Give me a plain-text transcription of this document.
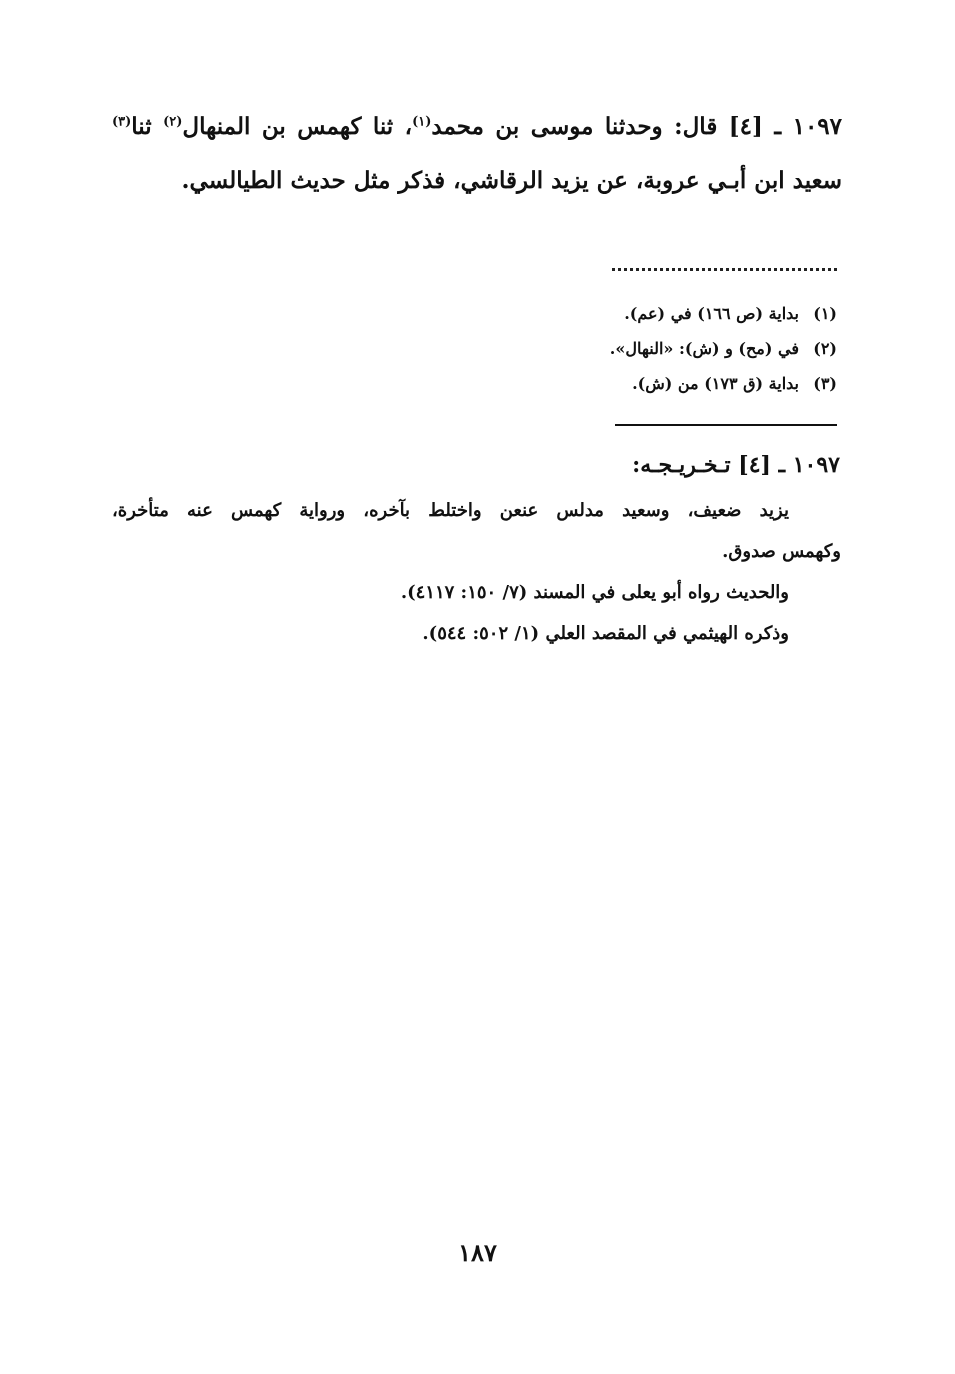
١٠٩٧ ـ [٤] قال: وحدثنا موسى بن محمد$^{(١)}$، ثنا كهمس بن المنهال$^{(٢)}$ ثنا$^{(٣)}$ سعيد ابن أبـي عروبة، عن يزيد الرقاشي، فذكر مثل حديث الطيالسي.

(١)
بداية (ص ١٦٦) في (عم).
(٢)
في (مح) و (ش): «النهال».
(٣)
بداية (ق ١٧٣) من (ش).
١٠٩٧ ـ [٤] تـخـريـجـه:

يزيد ضعيف، وسعيد مدلس عنعن واختلط بآخره، ورواية كهمس عنه متأخرة،

وكهمس صدوق.

والحديث رواه أبو يعلى في المسند (٧/ ١٥٠: ٤١١٧).

وذكره الهيثمي في المقصد العلي (١/ ٥٠٢: ٥٤٤).

١٨٧
